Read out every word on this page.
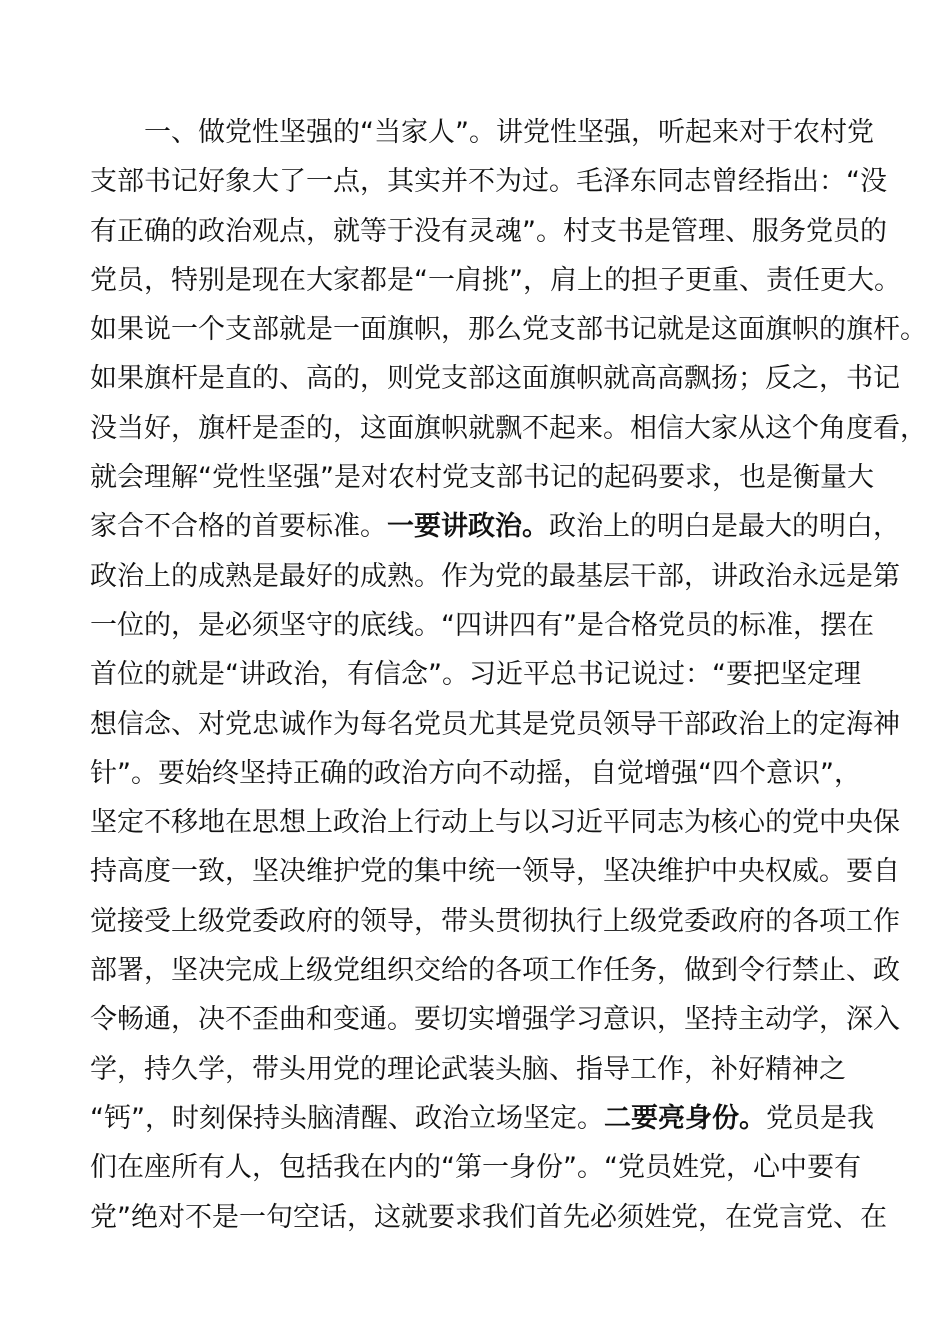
一、做党性坚强的“当家人”。讲党性坚强，听起来对于农村党
支部书记好象大了一点，其实并不为过。毛泽东同志曾经指出：“没
有正确的政治观点，就等于没有灵魂”。村支书是管理、服务党员的
党员，特别是现在大家都是“一肩挑”，肩上的担子更重、责任更大。
如果说一个支部就是一面旗帜，那么党支部书记就是这面旗帜的旗杆。
如果旗杆是直的、高的，则党支部这面旗帜就高高飘扬；反之，书记
没当好，旗杆是歪的，这面旗帜就飘不起来。相信大家从这个角度看，
就会理解“党性坚强”是对农村党支部书记的起码要求，也是衡量大
家合不合格的首要标准。一要讲政治。政治上的明白是最大的明白，
政治上的成熟是最好的成熟。作为党的最基层干部，讲政治永远是第
一位的，是必须坚守的底线。“四讲四有”是合格党员的标准，摆在
首位的就是“讲政治，有信念”。习近平总书记说过：“要把坚定理
想信念、对党忠诚作为每名党员尤其是党员领导干部政治上的定海神
针”。要始终坚持正确的政治方向不动摇，自觉增强“四个意识”，
坚定不移地在思想上政治上行动上与以习近平同志为核心的党中央保
持高度一致，坚决维护党的集中统一领导，坚决维护中央权威。要自
觉接受上级党委政府的领导，带头贯彻执行上级党委政府的各项工作
部署，坚决完成上级党组织交给的各项工作任务，做到令行禁止、政
令畅通，决不歪曲和变通。要切实增强学习意识，坚持主动学，深入
学，持久学，带头用党的理论武装头脑、指导工作，补好精神之
“钙”，时刻保持头脑清醒、政治立场坚定。二要亮身份。党员是我
们在座所有人，包括我在内的“第一身份”。“党员姓党，心中要有
党”绝对不是一句空话，这就要求我们首先必须姓党，在党言党、在
